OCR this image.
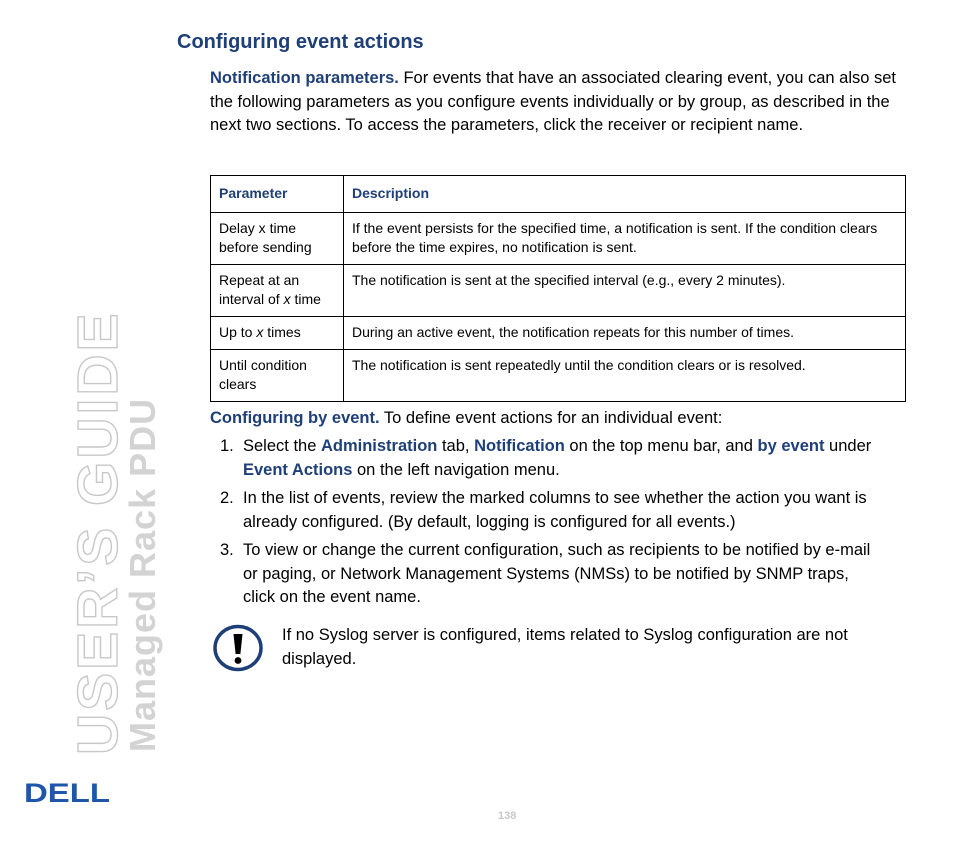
USER’S GUIDE
Managed Rack PDU
DELL
Configuring event actions

Notification parameters. For events that have an associated clearing event, you can also set the following parameters as you configure events individually or by group, as described in the next two sections. To access the parameters, click the receiver or recipient name.

Parameter	Description
Delay x time before sending	If the event persists for the specified time, a notification is sent. If the condition clears before the time expires, no notification is sent.
Repeat at an interval of x time	The notification is sent at the specified interval (e.g., every 2 minutes).
Up to x times	During an active event, the notification repeats for this number of times.
Until condition clears	The notification is sent repeatedly until the condition clears or is resolved.

Configuring by event. To define event actions for an individual event:

1. Select the Administration tab, Notification on the top menu bar, and by event under Event Actions on the left navigation menu.
2. In the list of events, review the marked columns to see whether the action you want is already configured. (By default, logging is configured for all events.)
3. To view or change the current configuration, such as recipients to be notified by e-mail or paging, or Network Management Systems (NMSs) to be notified by SNMP traps, click on the event name.

If no Syslog server is configured, items related to Syslog configuration are not displayed.

138
